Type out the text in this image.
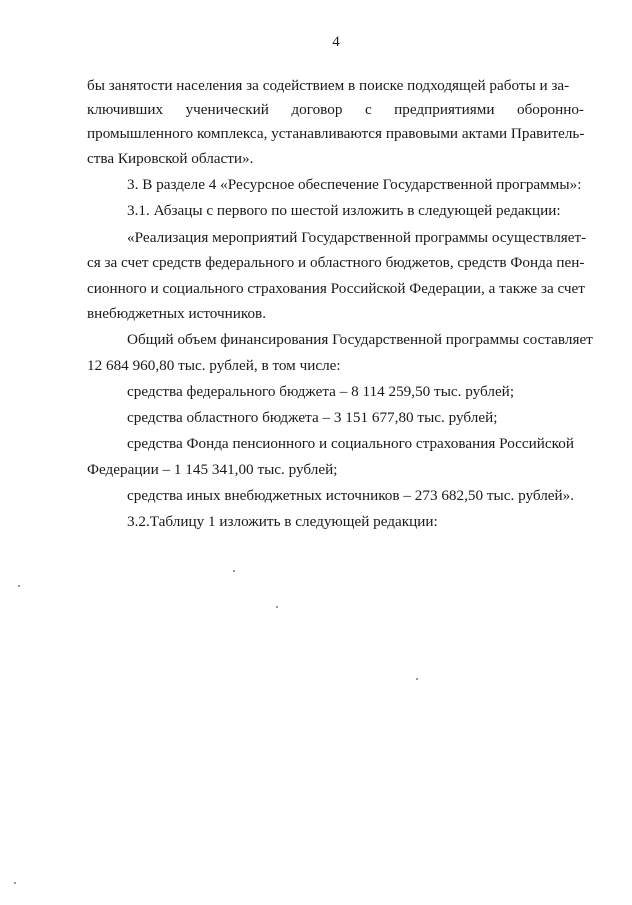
4
бы занятости населения за содействием в поиске подходящей работы и за-
ключивших ученический договор с предприятиями оборонно-
промышленного комплекса, устанавливаются правовыми актами Правитель-
ства Кировской области».
3. В разделе 4 «Ресурсное обеспечение Государственной программы»:
3.1. Абзацы с первого по шестой изложить в следующей редакции:
«Реализация мероприятий Государственной программы осуществляет-
ся за счет средств федерального и областного бюджетов, средств Фонда пен-
сионного и социального страхования Российской Федерации, а также за счет
внебюджетных источников.
Общий объем финансирования Государственной программы составляет
12 684 960,80 тыс. рублей, в том числе:
средства федерального бюджета – 8 114 259,50 тыс. рублей;
средства областного бюджета – 3 151 677,80 тыс. рублей;
средства Фонда пенсионного и социального страхования Российской
Федерации – 1 145 341,00 тыс. рублей;
средства иных внебюджетных источников – 273 682,50 тыс. рублей».
3.2.Таблицу 1 изложить в следующей редакции:
